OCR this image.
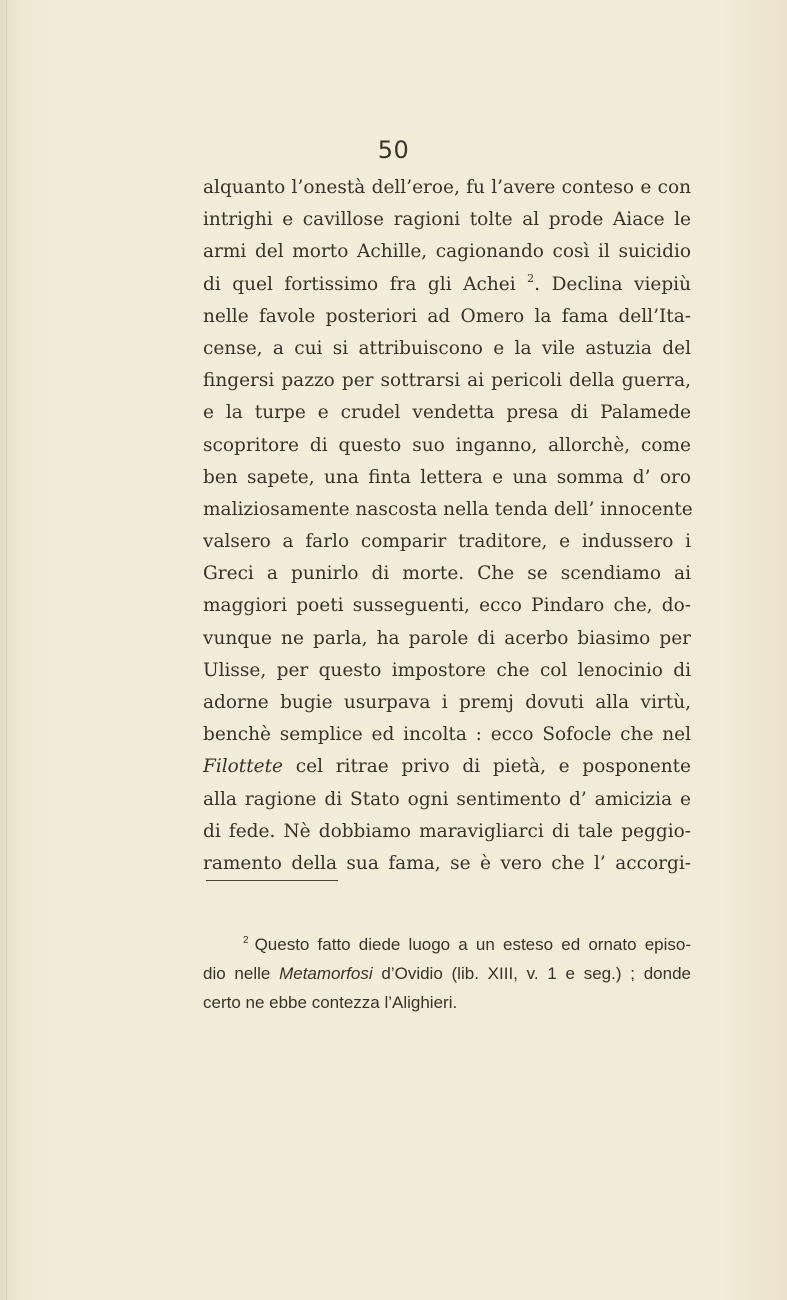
50
alquanto l’onestà dell’eroe, fu l’avere conteso e con
intrighi e cavillose ragioni tolte al prode Aiace le
armi del morto Achille, cagionando così il suicidio
di quel fortissimo fra gli Achei $^2$. Declina viepiù
nelle favole posteriori ad Omero la fama dell’Ita-
cense, a cui si attribuiscono e la vile astuzia del
fingersi pazzo per sottrarsi ai pericoli della guerra,
e la turpe e crudel vendetta presa di Palamede
scopritore di questo suo inganno, allorchè, come
ben sapete, una finta lettera e una somma d’ oro
maliziosamente nascosta nella tenda dell’ innocente
valsero a farlo comparir traditore, e indussero i
Greci a punirlo di morte. Che se scendiamo ai
maggiori poeti susseguenti, ecco Pindaro che, do-
vunque ne parla, ha parole di acerbo biasimo per
Ulisse, per questo impostore che col lenocinio di
adorne bugie usurpava i premj dovuti alla virtù,
benchè semplice ed incolta : ecco Sofocle che nel
Filottete cel ritrae privo di pietà, e posponente
alla ragione di Stato ogni sentimento d’ amicizia e
di fede. Nè dobbiamo maravigliarci di tale peggio-
ramento della sua fama, se è vero che l’ accorgi-
$^2$ Questo fatto diede luogo a un esteso ed ornato episo-
dio nelle Metamorfosi d’Ovidio (lib. XIII, v. 1 e seg.) ; donde
certo ne ebbe contezza l’Alighieri.
